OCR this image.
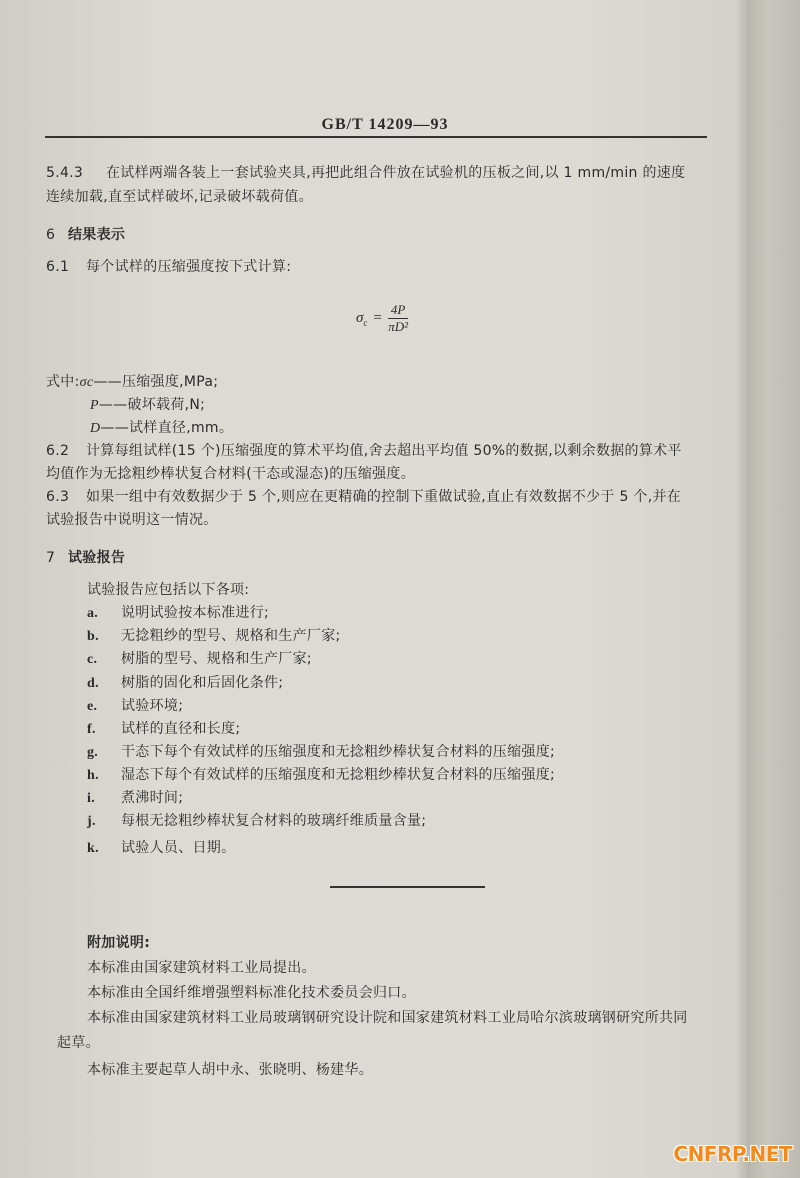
GB/T 14209—93
5.4.3 在试样两端各装上一套试验夹具,再把此组合件放在试验机的压板之间,以 1 mm/min 的速度
连续加载,直至试样破坏,记录破坏载荷值。
6 结果表示
6.1 每个试样的压缩强度按下式计算:
$\sigma_c = \frac{4P}{\text{πD²}}$
式中:σc——压缩强度,MPa;
P——破坏载荷,N;
D——试样直径,mm。
6.2 计算每组试样(15 个)压缩强度的算术平均值,舍去超出平均值 50%的数据,以剩余数据的算术平
均值作为无捻粗纱棒状复合材料(干态或湿态)的压缩强度。
6.3 如果一组中有效数据少于 5 个,则应在更精确的控制下重做试验,直止有效数据不少于 5 个,并在
试验报告中说明这一情况。
7 试验报告
试验报告应包括以下各项:
a. 说明试验按本标准进行;
b. 无捻粗纱的型号、规格和生产厂家;
c. 树脂的型号、规格和生产厂家;
d. 树脂的固化和后固化条件;
e. 试验环境;
f. 试样的直径和长度;
g. 干态下每个有效试样的压缩强度和无捻粗纱棒状复合材料的压缩强度;
h. 湿态下每个有效试样的压缩强度和无捻粗纱棒状复合材料的压缩强度;
i. 煮沸时间;
j. 每根无捻粗纱棒状复合材料的玻璃纤维质量含量;
k. 试验人员、日期。
附加说明:
本标准由国家建筑材料工业局提出。
本标准由全国纤维增强塑料标准化技术委员会归口。
本标准由国家建筑材料工业局玻璃钢研究设计院和国家建筑材料工业局哈尔滨玻璃钢研究所共同
起草。
本标准主要起草人胡中永、张晓明、杨建华。
CNFRP.NET
